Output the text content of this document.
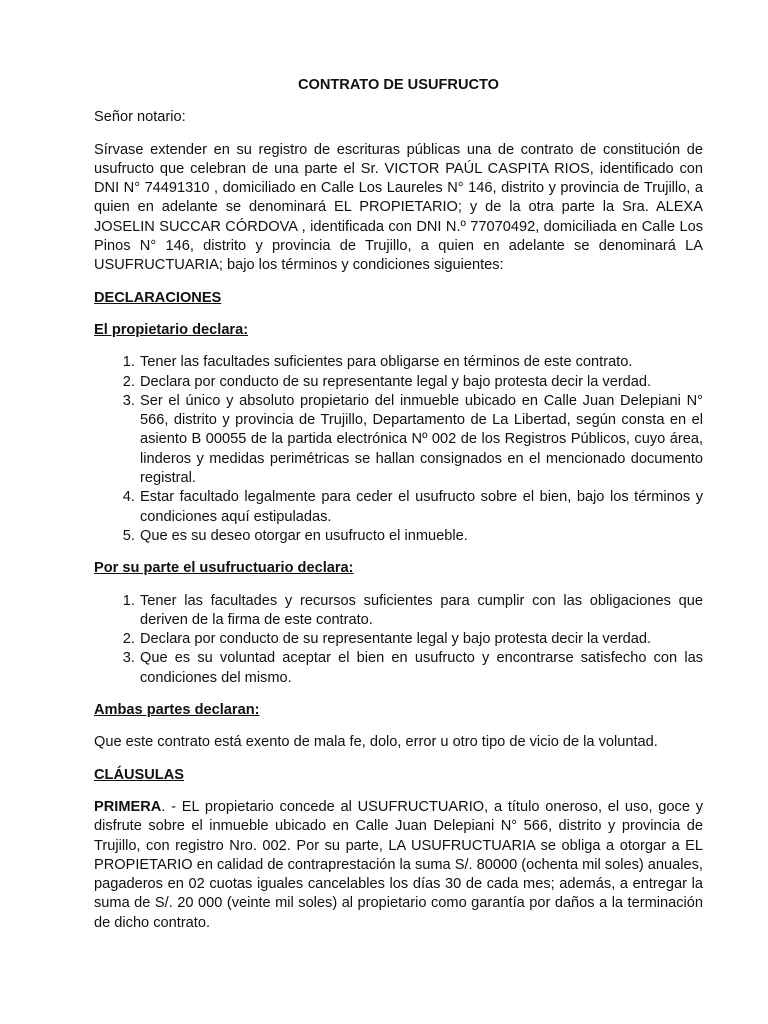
CONTRATO DE USUFRUCTO

Señor notario:

Sírvase extender en su registro de escrituras públicas una de contrato de constitución de usufructo que celebran de una parte el Sr. VICTOR PAÚL CASPITA RIOS, identificado con DNI N° 74491310 , domiciliado en Calle Los Laureles N° 146, distrito y provincia de Trujillo, a quien en adelante se denominará EL PROPIETARIO; y de la otra parte la Sra. ALEXA JOSELIN SUCCAR CÓRDOVA , identificada con DNI N.º 77070492, domiciliada en Calle Los Pinos N° 146, distrito y provincia de Trujillo, a quien en adelante se denominará LA USUFRUCTUARIA; bajo los términos y condiciones siguientes:

DECLARACIONES
El propietario declara:
1. Tener las facultades suficientes para obligarse en términos de este contrato.
2. Declara por conducto de su representante legal y bajo protesta decir la verdad.
3. Ser el único y absoluto propietario del inmueble ubicado en Calle Juan Delepiani N° 566, distrito y provincia de Trujillo, Departamento de La Libertad, según consta en el asiento B 00055 de la partida electrónica Nº 002 de los Registros Públicos, cuyo área, linderos y medidas perimétricas se hallan consignados en el mencionado documento registral.
4. Estar facultado legalmente para ceder el usufructo sobre el bien, bajo los términos y condiciones aquí estipuladas.
5. Que es su deseo otorgar en usufructo el inmueble.
Por su parte el usufructuario declara:
1. Tener las facultades y recursos suficientes para cumplir con las obligaciones que deriven de la firma de este contrato.
2. Declara por conducto de su representante legal y bajo protesta decir la verdad.
3. Que es su voluntad aceptar el bien en usufructo y encontrarse satisfecho con las condiciones del mismo.
Ambas partes declaran:

Que este contrato está exento de mala fe, dolo, error u otro tipo de vicio de la voluntad.

CLÁUSULAS

PRIMERA. - EL propietario concede al USUFRUCTUARIO, a título oneroso, el uso, goce y disfrute sobre el inmueble ubicado en Calle Juan Delepiani N° 566, distrito y provincia de Trujillo, con registro Nro. 002. Por su parte, LA USUFRUCTUARIA se obliga a otorgar a EL PROPIETARIO en calidad de contraprestación la suma S/. 80000 (ochenta mil soles) anuales, pagaderos en 02 cuotas iguales cancelables los días 30 de cada mes; además, a entregar la suma de S/. 20 000 (veinte mil soles) al propietario como garantía por daños a la terminación de dicho contrato.
